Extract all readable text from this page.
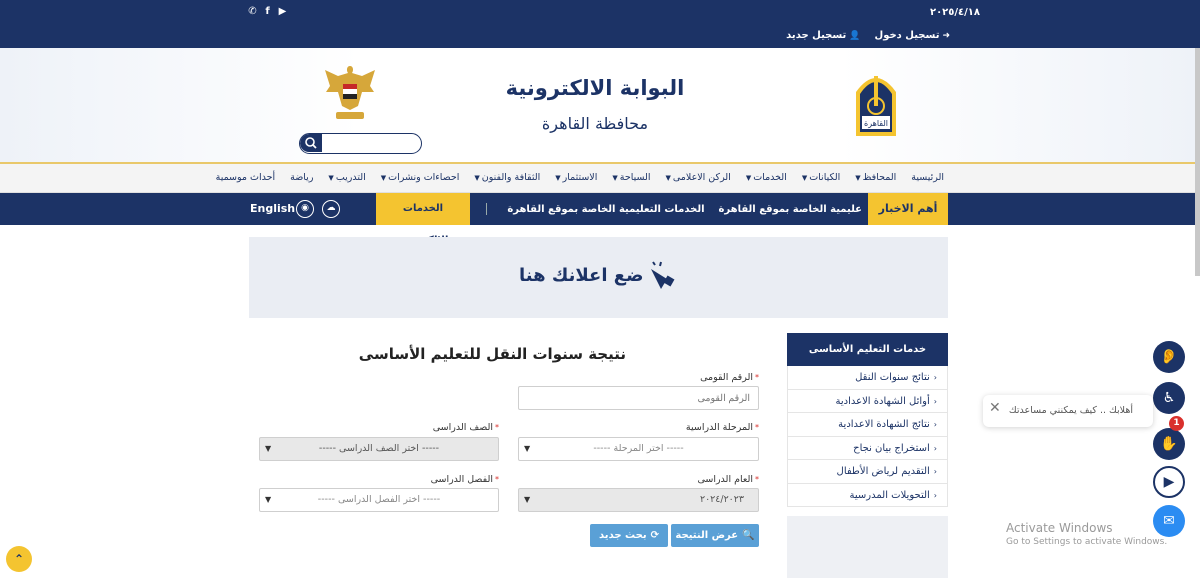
٢٠٢٥/٤/١٨
✆ f ▶
➜
تسجيل دخول
👤
تسجيل جديد
القاهرة
البوابة الالكترونية
محافظة القاهرة
الرئيسية
المحافظ▼
الكيانات▼
الخدمات▼
الركن الاعلامى▼
السياحة▼
الاستثمار▼
الثقافة والفنون▼
احصاءات ونشرات▼
التدريب▼
رياضة
أحداث موسمية
أهم الاخبار
عليمية الخاصة بموقع القاهرة
الخدمات التعليمية الخاصة بموقع القاهرة
الخدمات
☁
◉
English
ضع اعلانك هنا
خدمات التعليم الأساسى
‹نتائج سنوات النقل
‹أوائل الشهادة الاعدادية
‹نتائج الشهادة الاعدادية
‹استخراج بيان نجاح
‹التقديم لرياض الأطفال
‹التحويلات المدرسية
نتيجة سنوات النقل للتعليم الأساسى
*الرقم القومى
الرقم القومى
*المرحلة الدراسية
----- اختر المرحلة -----
▼
*الصف الدراسى
----- اختر الصف الدراسى -----
▼
*العام الدراسى
٢٠٢٤/٢٠٢٣
▼
*الفصل الدراسى
----- اختر الفصل الدراسى -----
▼
عرض النتيجة 🔍
بحث جديد ⟳
👂
♿
✋
1
▶
✉
أهلابك .. كيف يمكنني مساعدتك
✕
Activate Windows
Go to Settings to activate Windows.
⌃
